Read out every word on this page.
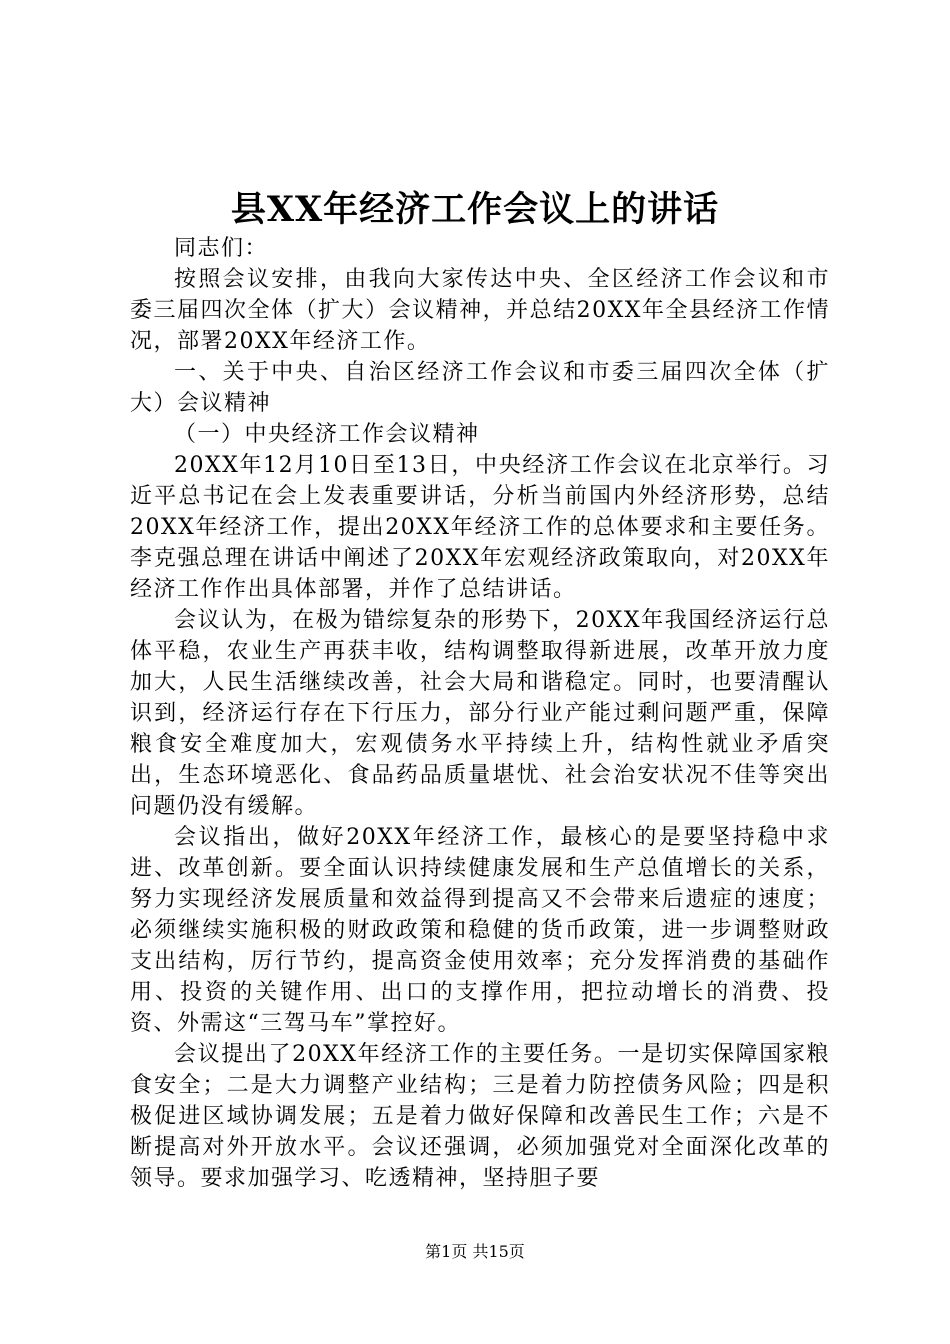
县XX年经济工作会议上的讲话

同志们：

按照会议安排，由我向大家传达中央、全区经济工作会议和市委三届四次全体（扩大）会议精神，并总结20XX年全县经济工作情况，部署20XX年经济工作。

一、关于中央、自治区经济工作会议和市委三届四次全体（扩大）会议精神

（一）中央经济工作会议精神

20XX年12月10日至13日，中央经济工作会议在北京举行。习近平总书记在会上发表重要讲话，分析当前国内外经济形势，总结20XX年经济工作，提出20XX年经济工作的总体要求和主要任务。李克强总理在讲话中阐述了20XX年宏观经济政策取向，对20XX年经济工作作出具体部署，并作了总结讲话。

会议认为，在极为错综复杂的形势下，20XX年我国经济运行总体平稳，农业生产再获丰收，结构调整取得新进展，改革开放力度加大，人民生活继续改善，社会大局和谐稳定。同时，也要清醒认识到，经济运行存在下行压力，部分行业产能过剩问题严重，保障粮食安全难度加大，宏观债务水平持续上升，结构性就业矛盾突出，生态环境恶化、食品药品质量堪忧、社会治安状况不佳等突出问题仍没有缓解。

会议指出，做好20XX年经济工作，最核心的是要坚持稳中求进、改革创新。要全面认识持续健康发展和生产总值增长的关系，努力实现经济发展质量和效益得到提高又不会带来后遗症的速度；必须继续实施积极的财政政策和稳健的货币政策，进一步调整财政支出结构，厉行节约，提高资金使用效率；充分发挥消费的基础作用、投资的关键作用、出口的支撑作用，把拉动增长的消费、投资、外需这“三驾马车”掌控好。

会议提出了20XX年经济工作的主要任务。一是切实保障国家粮食安全；二是大力调整产业结构；三是着力防控债务风险；四是积极促进区域协调发展；五是着力做好保障和改善民生工作；六是不断提高对外开放水平。会议还强调，必须加强党对全面深化改革的领导。要求加强学习、吃透精神，坚持胆子要

第1页 共15页
